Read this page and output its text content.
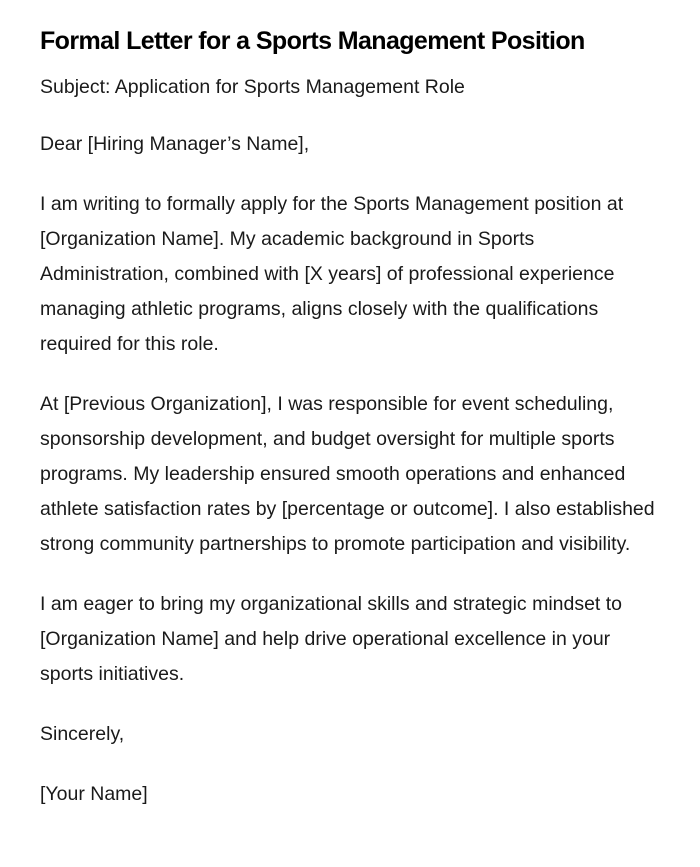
Formal Letter for a Sports Management Position

Subject: Application for Sports Management Role

Dear [Hiring Manager’s Name],

I am writing to formally apply for the Sports Management position at [Organization Name]. My academic background in Sports Administration, combined with [X years] of professional experience managing athletic programs, aligns closely with the qualifications required for this role.

At [Previous Organization], I was responsible for event scheduling, sponsorship development, and budget oversight for multiple sports programs. My leadership ensured smooth operations and enhanced athlete satisfaction rates by [percentage or outcome]. I also established strong community partnerships to promote participation and visibility.

I am eager to bring my organizational skills and strategic mindset to [Organization Name] and help drive operational excellence in your sports initiatives.

Sincerely,

[Your Name]
